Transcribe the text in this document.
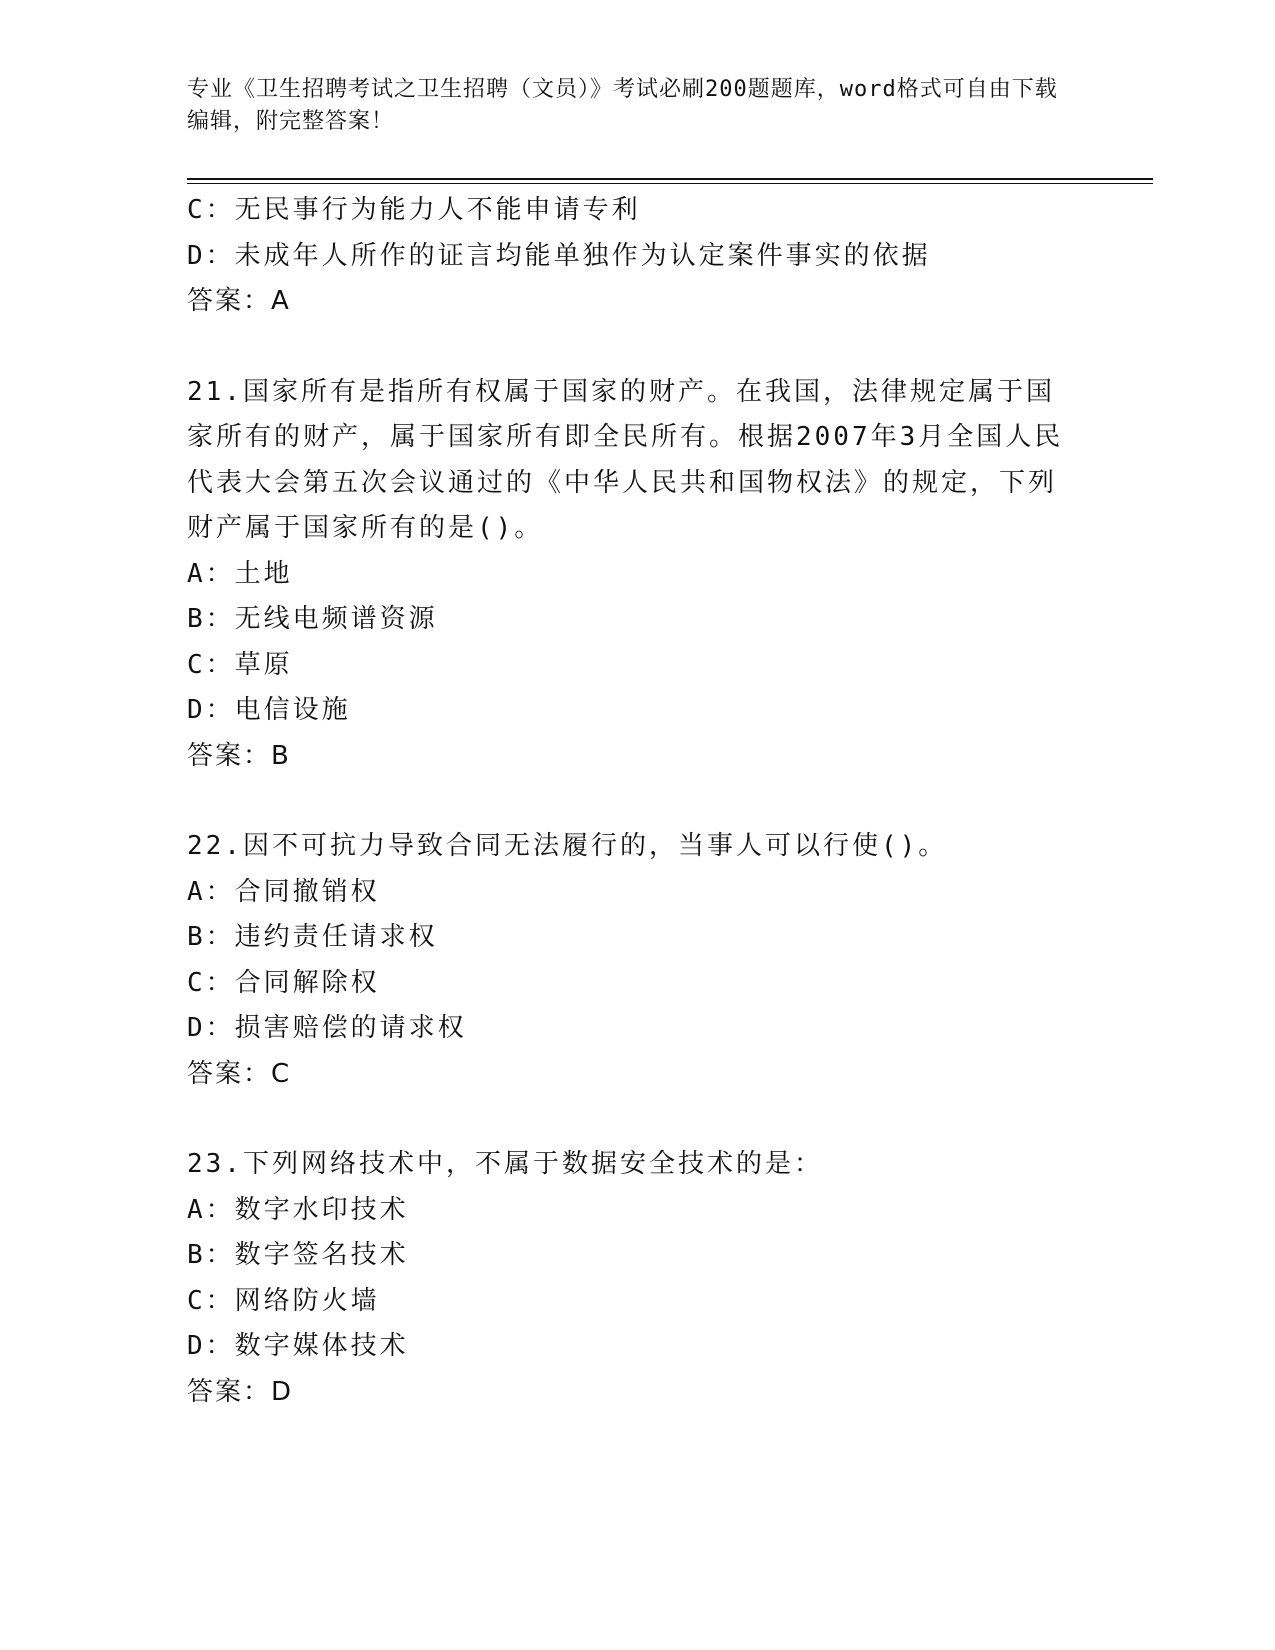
专业《卫生招聘考试之卫生招聘（文员）》考试必刷200题题库，word格式可自由下载编辑，附完整答案！
C：无民事行为能力人不能申请专利
D：未成年人所作的证言均能单独作为认定案件事实的依据
答案：A
21.国家所有是指所有权属于国家的财产。在我国，法律规定属于国家所有的财产，属于国家所有即全民所有。根据2007年3月全国人民代表大会第五次会议通过的《中华人民共和国物权法》的规定，下列财产属于国家所有的是()。
A：土地
B：无线电频谱资源
C：草原
D：电信设施
答案：B
22.因不可抗力导致合同无法履行的，当事人可以行使()。
A：合同撤销权
B：违约责任请求权
C：合同解除权
D：损害赔偿的请求权
答案：C
23.下列网络技术中，不属于数据安全技术的是：
A：数字水印技术
B：数字签名技术
C：网络防火墙
D：数字媒体技术
答案：D
